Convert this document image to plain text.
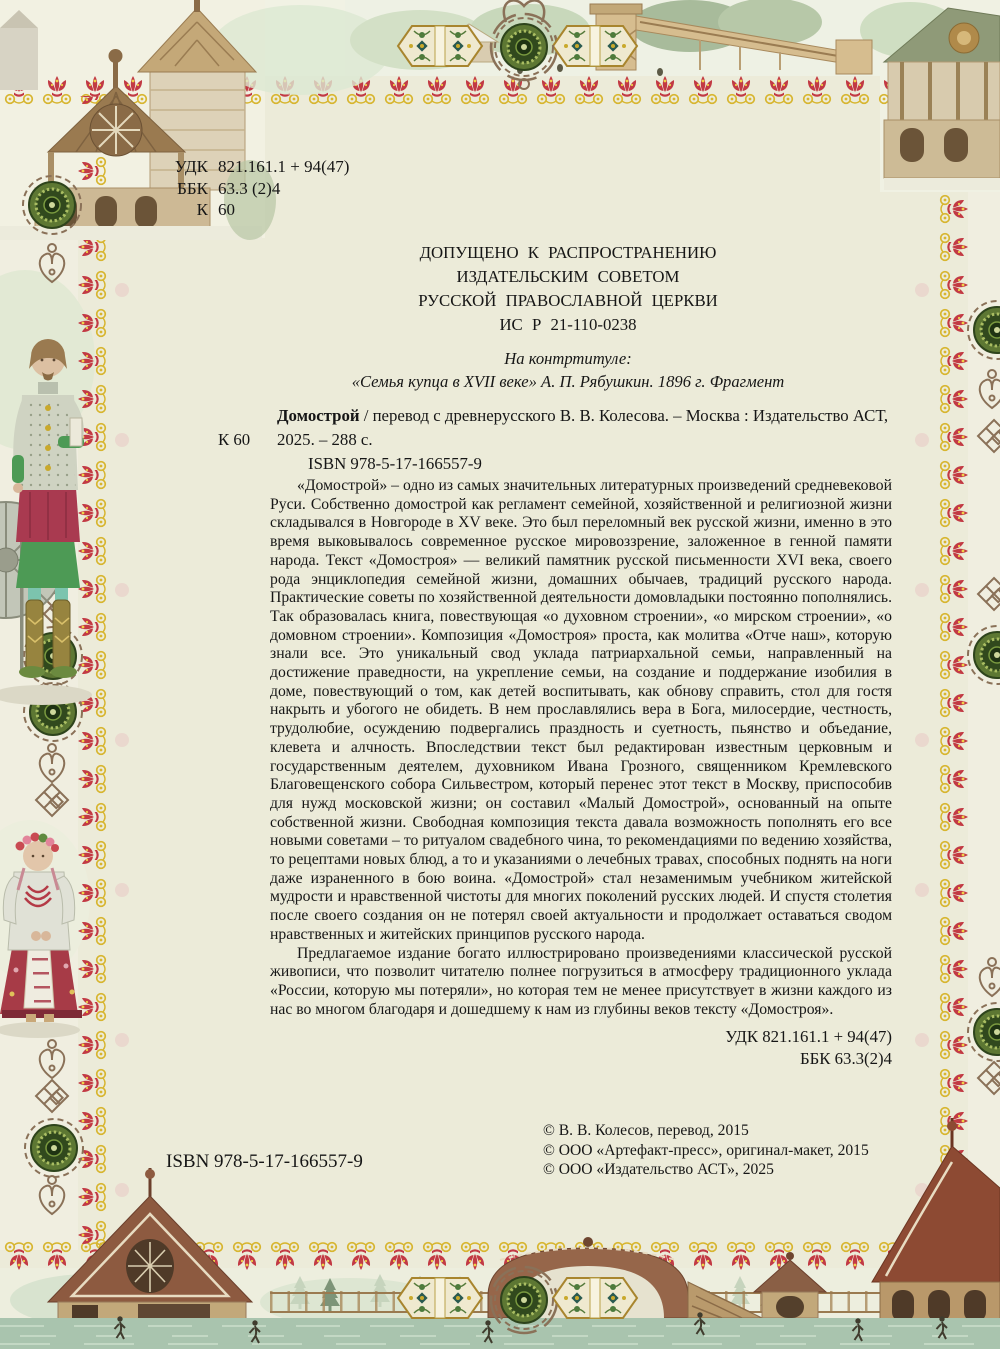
УДК 821.161.1 + 94(47)
ББК 63.3 (2)4
К 60
ДОПУЩЕНО К РАСПРОСТРАНЕНИЮ
ИЗДАТЕЛЬСКИМ СОВЕТОМ
РУССКОЙ ПРАВОСЛАВНОЙ ЦЕРКВИ
ИС Р 21-110-0238
На контртитуле:
«Семья купца в XVII веке» А. П. Рябушкин. 1896 г. Фрагмент
Домострой / перевод с древнерусского В. В. Колесова. – Москва : Издательство АСТ,
К 60 2025. – 288 с.
ISBN 978-5-17-166557-9

«Домострой» – одно из самых значительных литературных произведений средневековой Руси. Собственно домострой как регламент семейной, хозяйственной и религиозной жизни складывался в Новгороде в XV веке. Это был переломный век русской жизни, именно в это время выковывалось современное русское мировоззрение, заложенное в генной памяти народа. Текст «Домостроя» — великий памятник русской письменности XVI века, своего рода энциклопедия семейной жизни, домашних обычаев, традиций русского народа. Практические советы по хозяйственной деятельности домовладыки постоянно пополнялись. Так образовалась книга, повествующая «о духовном строении», «о мирском строении», «о домовном строении». Композиция «Домостроя» проста, как молитва «Отче наш», которую знали все. Это уникальный свод уклада патриархальной семьи, направленный на достижение праведности, на укрепление семьи, на создание и поддержание изобилия в доме, повествующий о том, как детей воспитывать, как обнову справить, стол для гостя накрыть и убогого не обидеть. В нем прославлялись вера в Бога, милосердие, честность, трудолюбие, осуждению подвергались праздность и суетность, пьянство и объедание, клевета и алчность. Впоследствии текст был редактирован известным церковным и государственным деятелем, духовником Ивана Грозного, священником Кремлевского Благовещенского собора Сильвестром, который перенес этот текст в Москву, приспособив для нужд московской жизни; он составил «Малый Домострой», основанный на опыте собственной жизни. Свободная композиция текста давала возможность пополнять его все новыми советами – то ритуалом свадебного чина, то рекомендациями по ведению хозяйства, то рецептами новых блюд, а то и указаниями о лечебных травах, способных поднять на ноги даже израненного в бою воина. «Домострой» стал незаменимым учебником житейской мудрости и нравственной чистоты для многих поколений русских людей. И спустя столетия после своего создания он не потерял своей актуальности и продолжает оставаться сводом нравственных и житейских принципов русского народа.

Предлагаемое издание богато иллюстрировано произведениями классической русской живописи, что позволит читателю полнее погрузиться в атмосферу традиционного уклада «России, которую мы потеряли», но которая тем не менее присутствует в жизни каждого из нас во многом благодаря и дошедшему к нам из глубины веков тексту «Домостроя».

УДК 821.161.1 + 94(47)
ББК 63.3(2)4
© В. В. Колесов, перевод, 2015
© ООО «Артефакт-пресс», оригинал-макет, 2015
© ООО «Издательство АСТ», 2025
ISBN 978-5-17-166557-9
